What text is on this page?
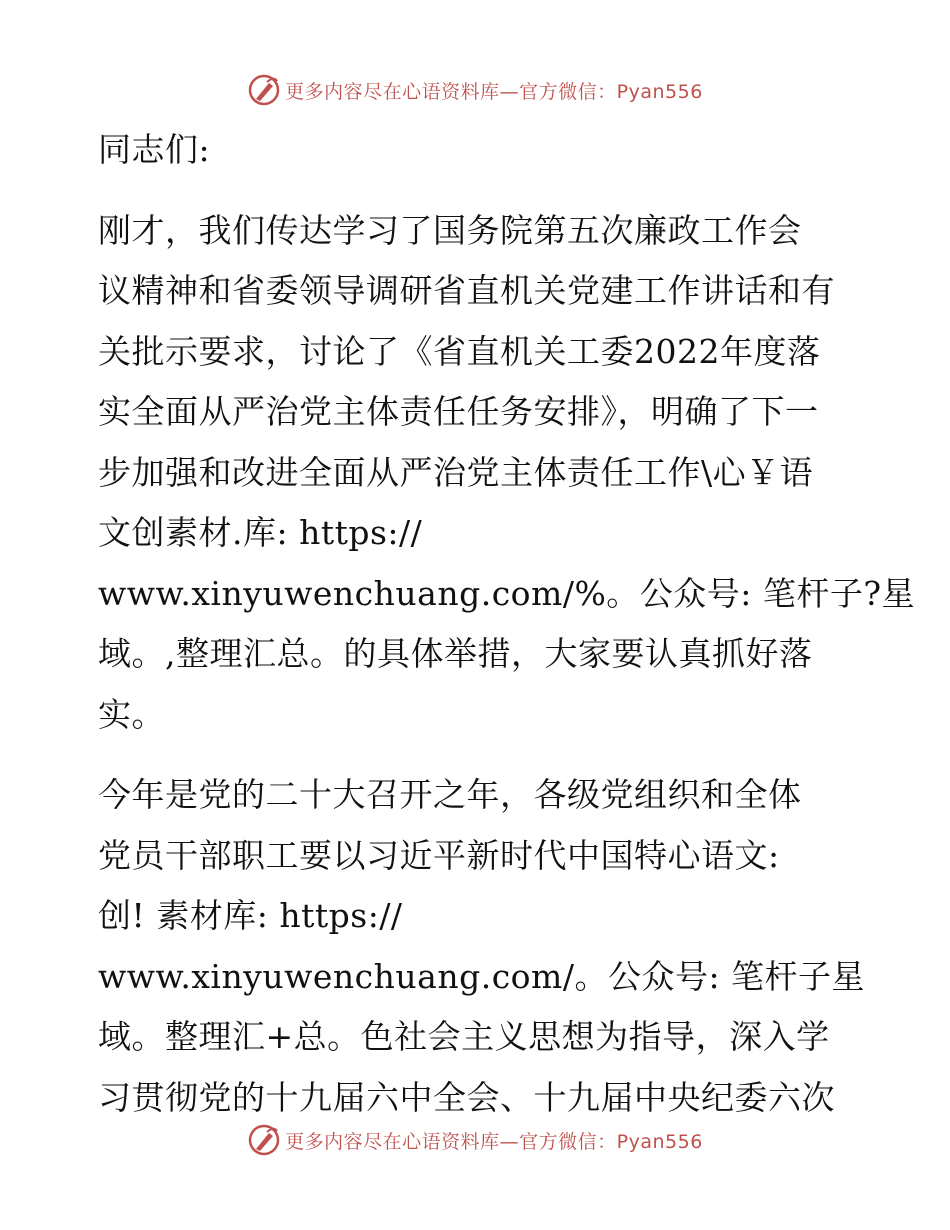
更多内容尽在心语资料库—官方微信：Pyan556
同志们:
刚才，我们传达学习了国务院第五次廉政工作会
议精神和省委领导调研省直机关党建工作讲话和有
关批示要求，讨论了《省直机关工委2022年度落
实全面从严治党主体责任任务安排》，明确了下一
步加强和改进全面从严治党主体责任工作\心￥语
文创素材.库: https://
www.xinyuwenchuang.com/%。公众号: 笔杆子?星
域。,整理汇总。的具体举措，大家要认真抓好落
实。
今年是党的二十大召开之年，各级党组织和全体
党员干部职工要以习近平新时代中国特心语文:
创! 素材库: https://
www.xinyuwenchuang.com/。公众号: 笔杆子星
域。整理汇+总。色社会主义思想为指导，深入学
习贯彻党的十九届六中全会、十九届中央纪委六次
更多内容尽在心语资料库—官方微信：Pyan556
